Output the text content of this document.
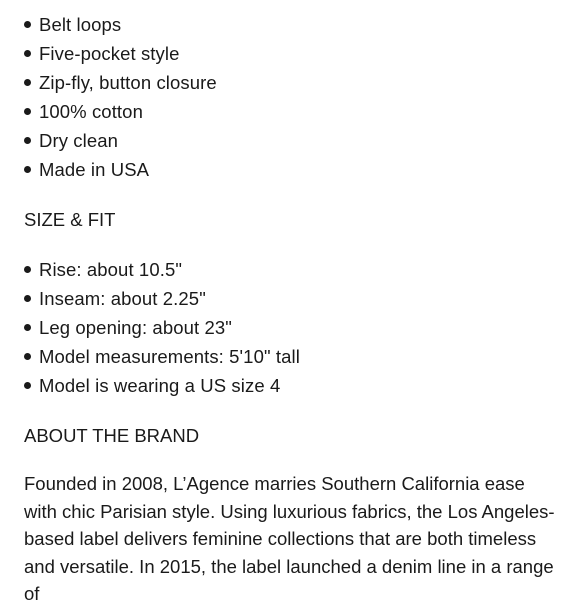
Belt loops
Five-pocket style
Zip-fly, button closure
100% cotton
Dry clean
Made in USA
SIZE & FIT
Rise: about 10.5"
Inseam: about 2.25"
Leg opening: about 23"
Model measurements: 5'10" tall
Model is wearing a US size 4
ABOUT THE BRAND

Founded in 2008, L’Agence marries Southern California ease with chic Parisian style. Using luxurious fabrics, the Los Angeles-based label delivers feminine collections that are both timeless and versatile. In 2015, the label launched a denim line in a range of
